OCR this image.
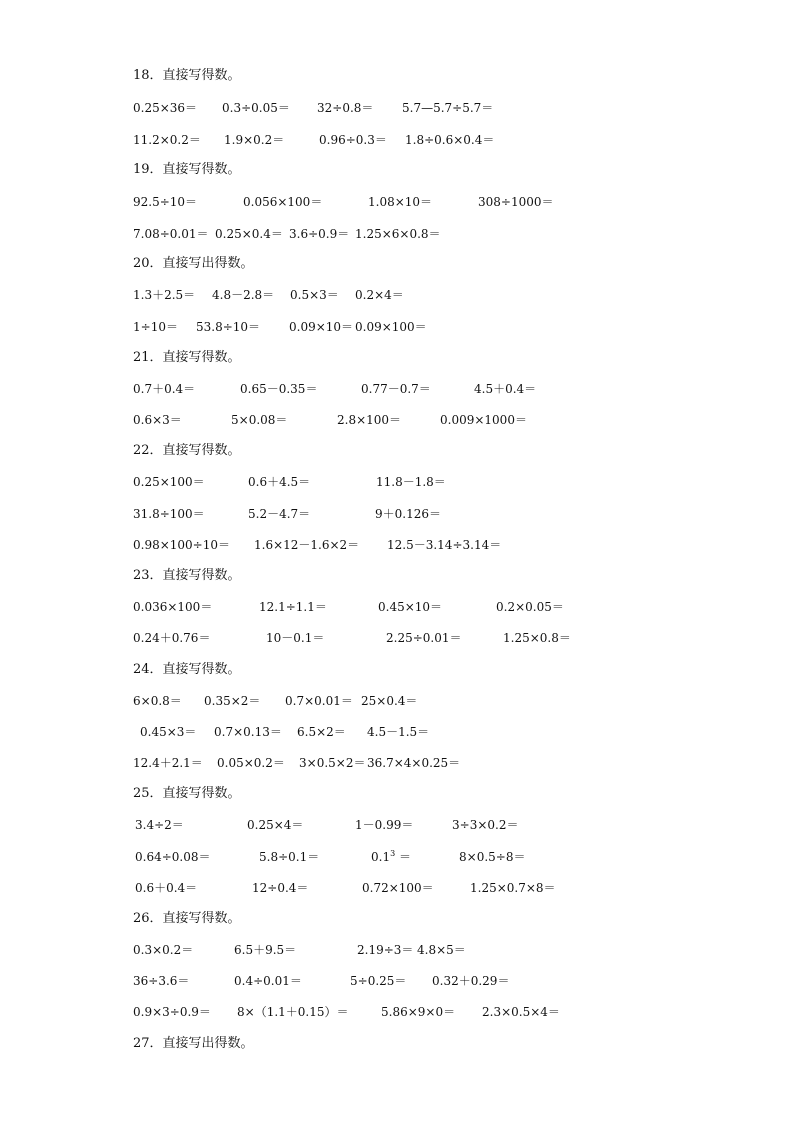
18．直接写得数。
0.25×36＝ 0.3÷0.05＝ 32÷0.8＝ 5.7—5.7÷5.7＝
11.2×0.2＝ 1.9×0.2＝	0.96÷0.3＝ 1.8÷0.6×0.4＝
19．直接写得数。
92.5÷10＝	0.056×100＝	1.08×10＝	308÷1000＝
7.08÷0.01＝ 0.25×0.4＝ 3.6÷0.9＝ 1.25×6×0.8＝
20．直接写出得数。
1.3＋2.5＝ 4.8－2.8＝ 0.5×3＝ 0.2×4＝
1÷10＝ 53.8÷10＝ 0.09×10＝ 0.09×100＝
21．直接写得数。
0.7＋0.4＝	0.65－0.35＝	0.77－0.7＝	4.5＋0.4＝
0.6×3＝	5×0.08＝	2.8×100＝	0.009×1000＝
22．直接写得数。
0.25×100＝	0.6＋4.5＝	11.8－1.8＝
31.8÷100＝	5.2－4.7＝	9＋0.126＝
0.98×100÷10＝ 1.6×12－1.6×2＝ 12.5－3.14÷3.14＝
23．直接写得数。
0.036×100＝	12.1÷1.1＝	0.45×10＝	0.2×0.05＝
0.24＋0.76＝	10－0.1＝	2.25÷0.01＝	1.25×0.8＝
24．直接写得数。
6×0.8＝ 0.35×2＝ 0.7×0.01＝ 25×0.4＝
0.45×3＝ 0.7×0.13＝ 6.5×2＝ 4.5－1.5＝
12.4＋2.1＝ 0.05×0.2＝ 3×0.5×2＝ 36.7×4×0.25＝
25．直接写得数。
3.4÷2＝	0.25×4＝	1－0.99＝	3÷3×0.2＝
0.64÷0.08＝	5.8÷0.1＝	$0.1^3$ ＝	8×0.5÷8＝
0.6＋0.4＝	12÷0.4＝	0.72×100＝	1.25×0.7×8＝
26．直接写得数。
0.3×0.2＝	6.5＋9.5＝	2.19÷3＝ 4.8×5＝
36÷3.6＝	0.4÷0.01＝	5÷0.25＝ 0.32＋0.29＝
0.9×3÷0.9＝ 8×（1.1＋0.15）＝	5.86×9×0＝ 2.3×0.5×4＝
27．直接写出得数。
